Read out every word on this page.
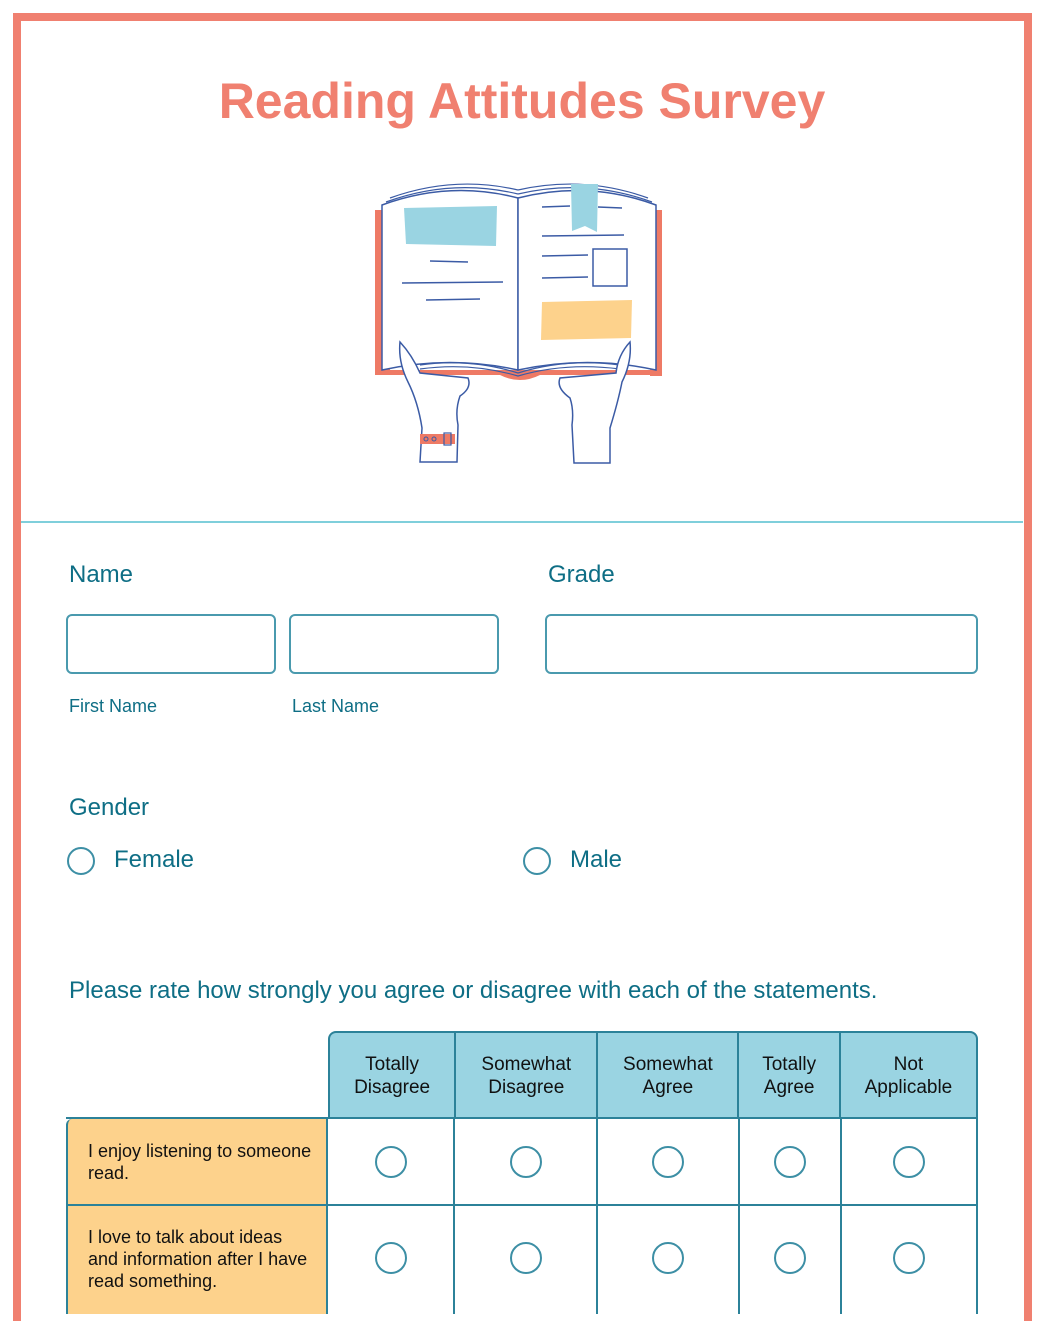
Reading Attitudes Survey
Name
First Name	Last Name
Grade
Gender
Female	Male
Please rate how strongly you agree or disagree with each of the statements.
Totally
Disagree
Somewhat
Disagree
Somewhat
Agree
Totally
Agree
Not
Applicable
I enjoy listening to someone read.
I love to talk about ideas and information after I have read something.
